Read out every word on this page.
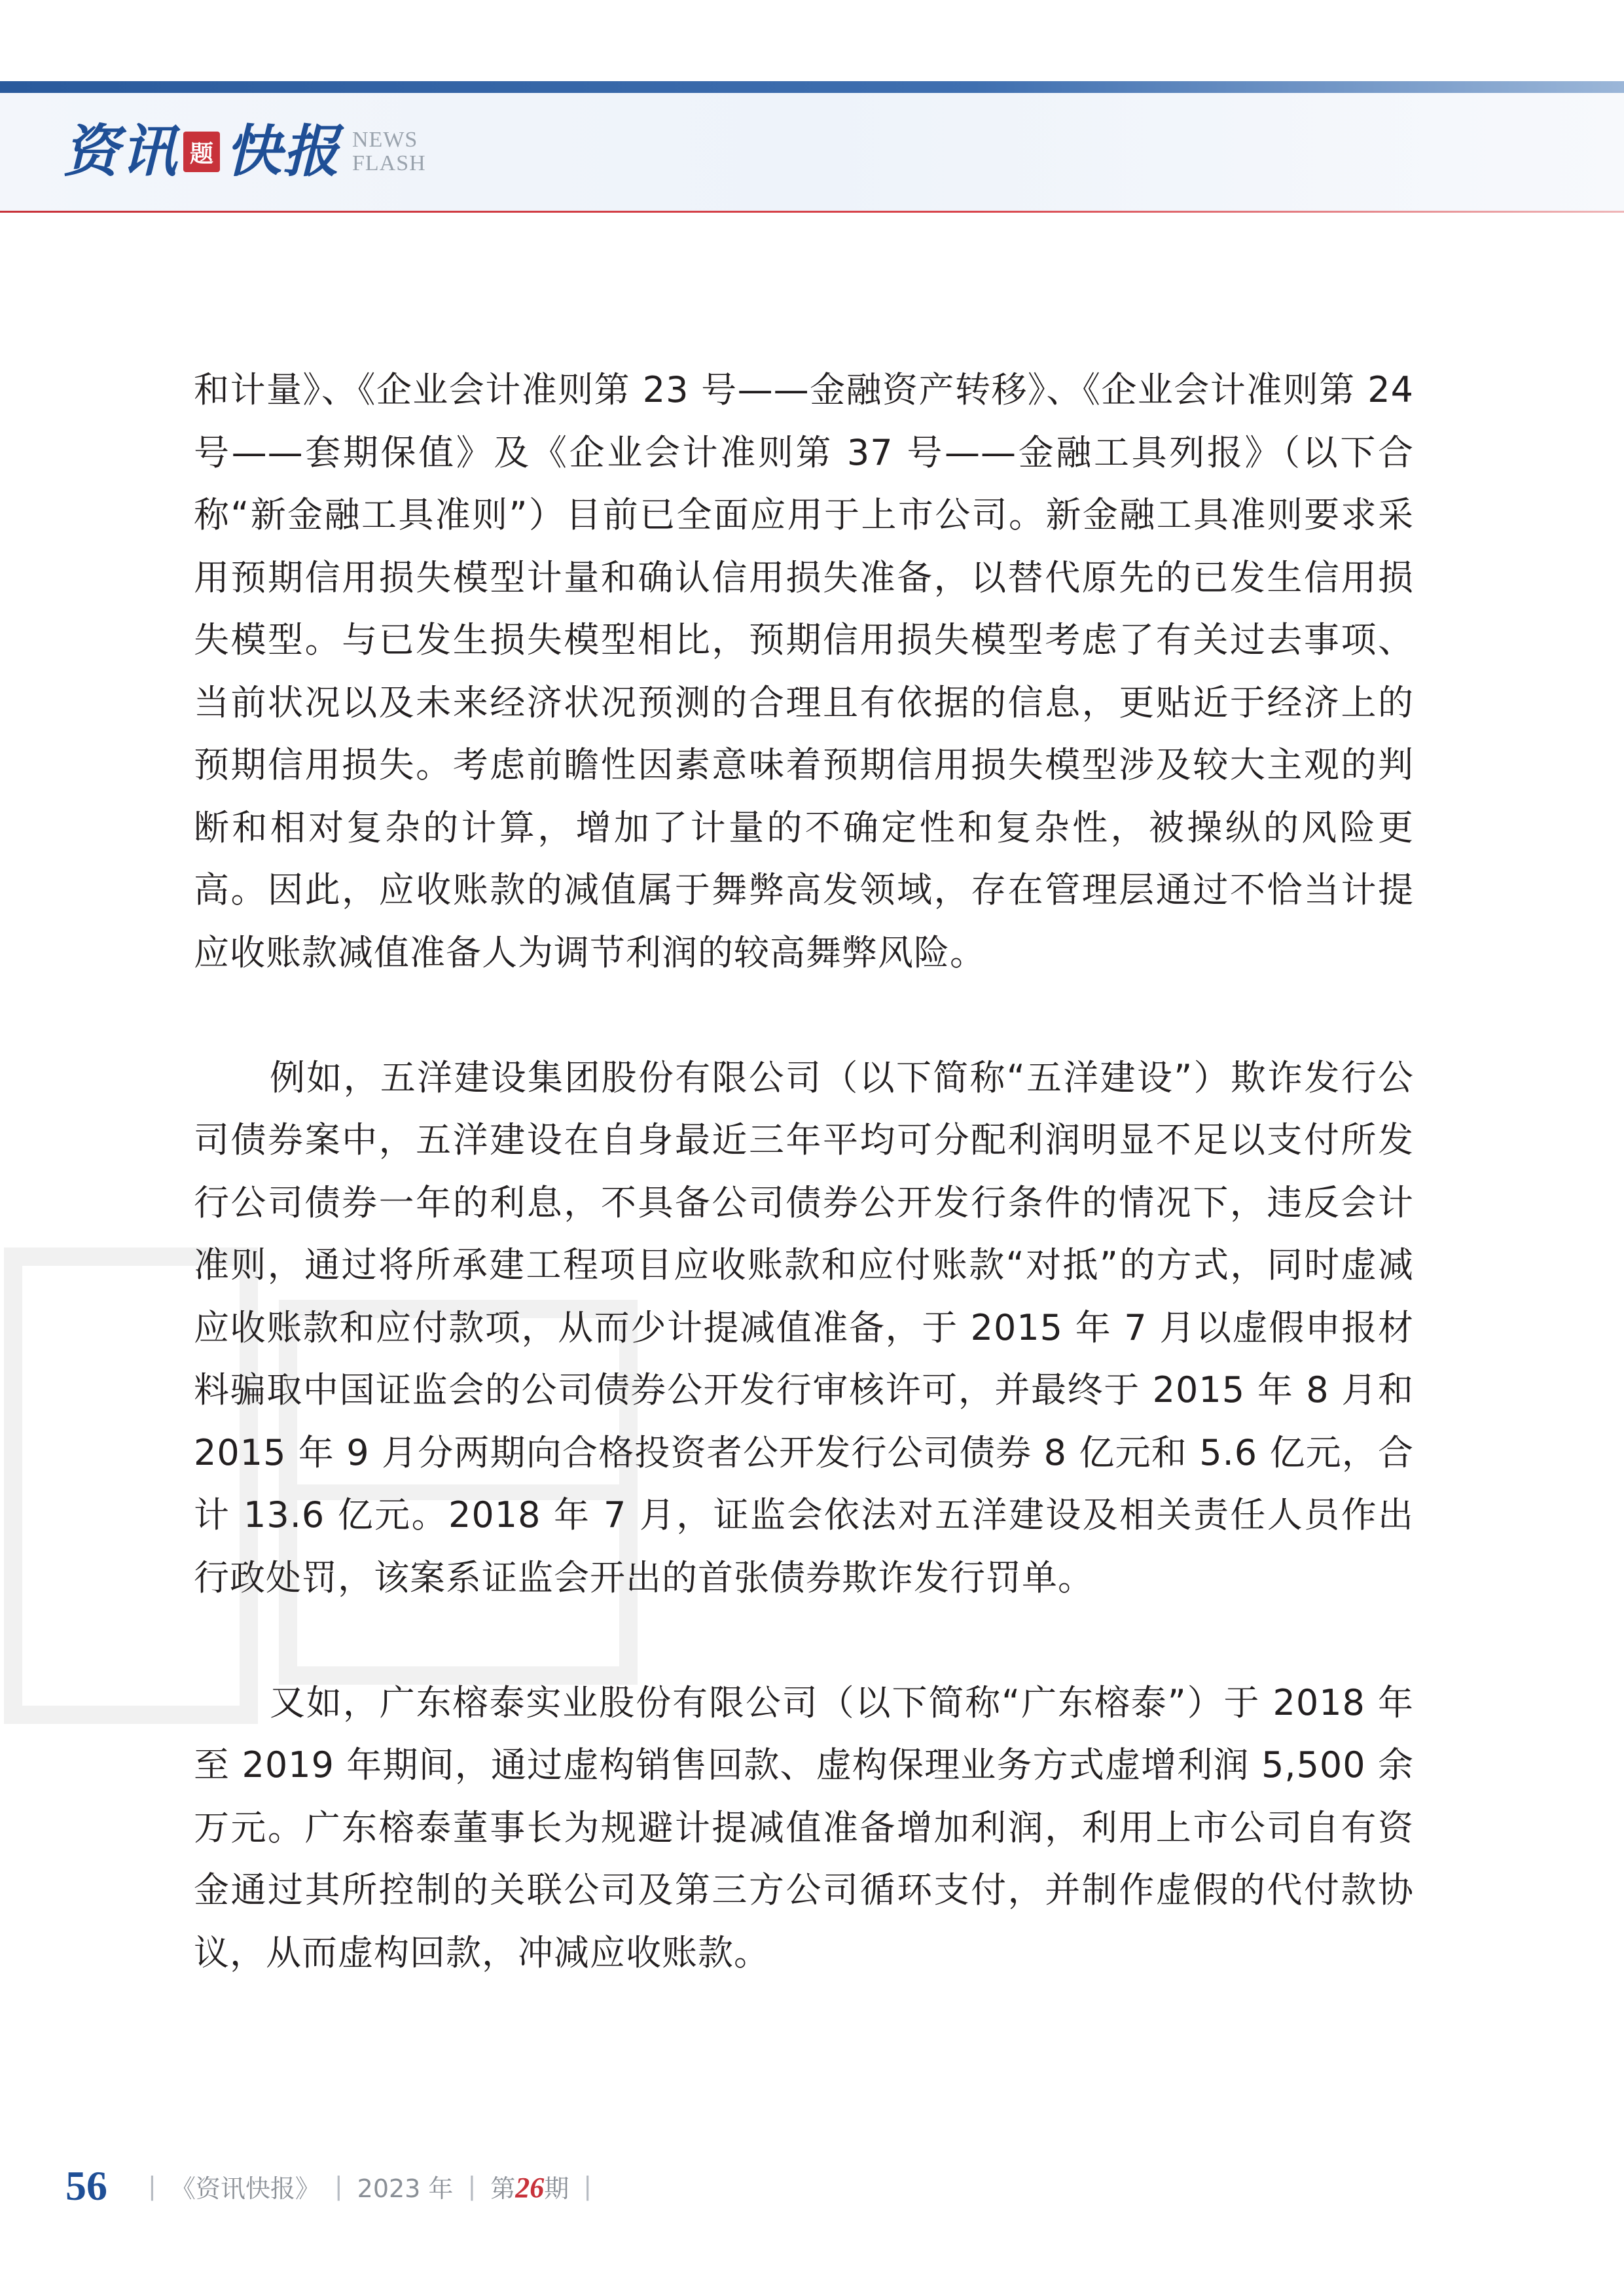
资讯 题 快报 NEWS
FLASH

和计量》、《企业会计准则第 23 号——金融资产转移》、《企业会计准则第 24 号——套期保值》及《企业会计准则第 37 号——金融工具列报》（以下合称“新金融工具准则”）目前已全面应用于上市公司。新金融工具准则要求采用预期信用损失模型计量和确认信用损失准备，以替代原先的已发生信用损失模型。与已发生损失模型相比，预期信用损失模型考虑了有关过去事项、当前状况以及未来经济状况预测的合理且有依据的信息，更贴近于经济上的预期信用损失。考虑前瞻性因素意味着预期信用损失模型涉及较大主观的判断和相对复杂的计算，增加了计量的不确定性和复杂性，被操纵的风险更高。因此，应收账款的减值属于舞弊高发领域，存在管理层通过不恰当计提应收账款减值准备人为调节利润的较高舞弊风险。

例如，五洋建设集团股份有限公司（以下简称“五洋建设”）欺诈发行公司债券案中，五洋建设在自身最近三年平均可分配利润明显不足以支付所发行公司债券一年的利息，不具备公司债券公开发行条件的情况下，违反会计准则，通过将所承建工程项目应收账款和应付账款“对抵”的方式，同时虚减应收账款和应付款项，从而少计提减值准备，于 2015 年 7 月以虚假申报材料骗取中国证监会的公司债券公开发行审核许可，并最终于 2015 年 8 月和 2015 年 9 月分两期向合格投资者公开发行公司债券 8 亿元和 5.6 亿元，合计 13.6 亿元。2018 年 7 月，证监会依法对五洋建设及相关责任人员作出行政处罚，该案系证监会开出的首张债券欺诈发行罚单。

又如，广东榕泰实业股份有限公司（以下简称“广东榕泰”）于 2018 年至 2019 年期间，通过虚构销售回款、虚构保理业务方式虚增利润 5,500 余万元。广东榕泰董事长为规避计提减值准备增加利润，利用上市公司自有资金通过其所控制的关联公司及第三方公司循环支付，并制作虚假的代付款协议，从而虚构回款，冲减应收账款。

56 | 《资讯快报》 | 2023 年 | 第26期 |
